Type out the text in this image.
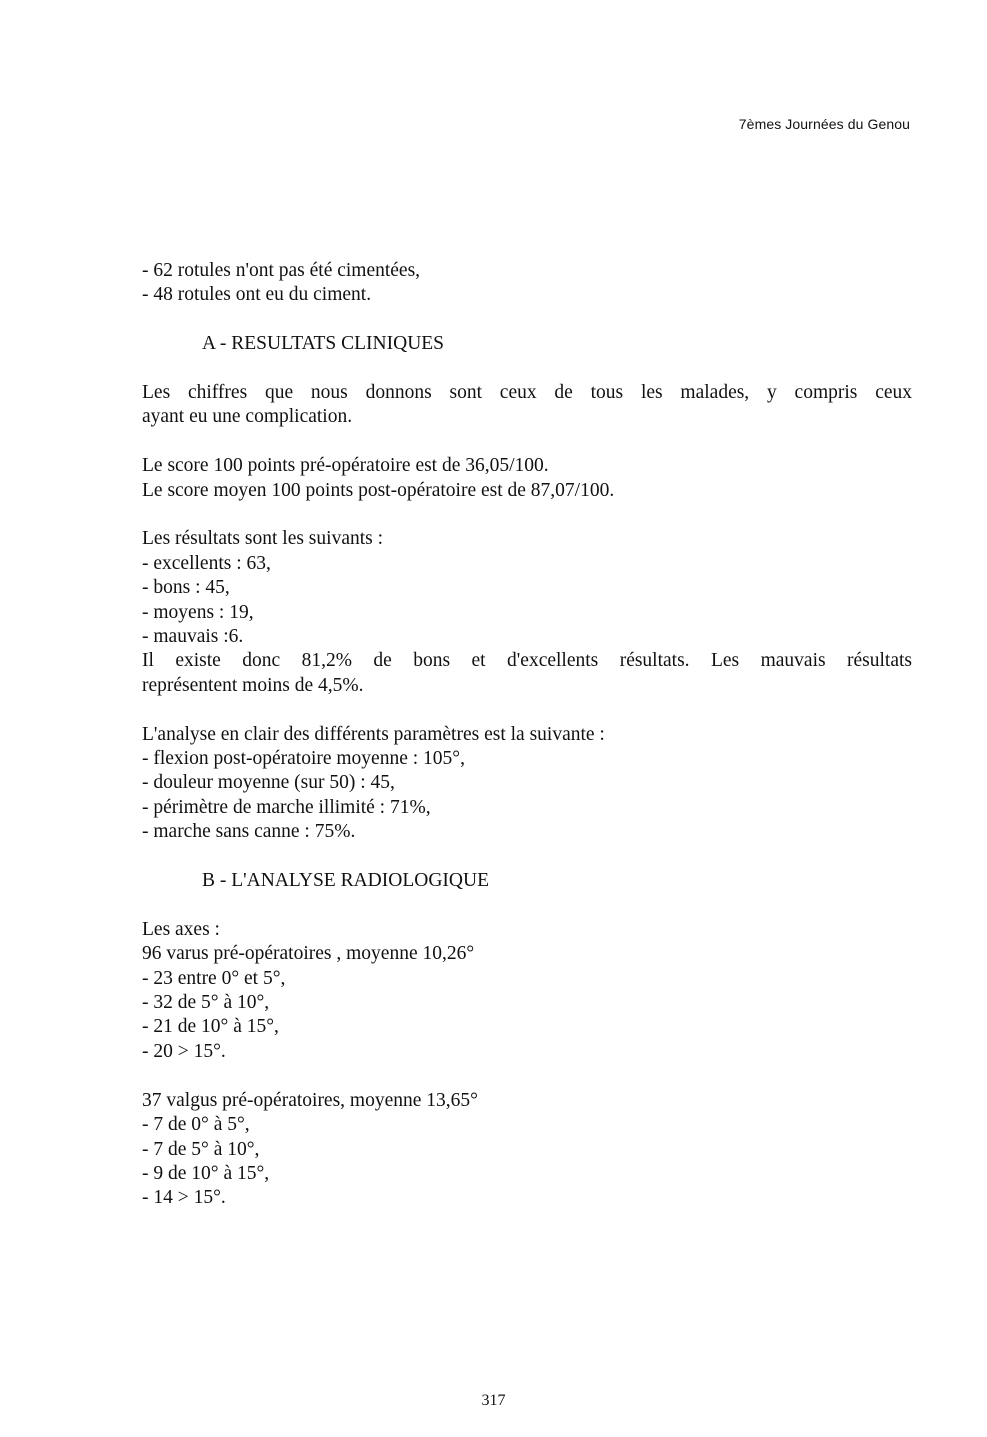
7èmes Journées du Genou
- 62 rotules n'ont pas été cimentées,
- 48 rotules ont eu du ciment.
A - RESULTATS CLINIQUES
Les chiffres que nous donnons sont ceux de tous les malades, y compris ceux
ayant eu une complication.
Le score 100 points pré-opératoire est de 36,05/100.
Le score moyen 100 points post-opératoire est de 87,07/100.
Les résultats sont les suivants :
- excellents : 63,
- bons : 45,
- moyens : 19,
- mauvais :6.
Il existe donc 81,2% de bons et d'excellents résultats. Les mauvais résultats
représentent moins de 4,5%.
L'analyse en clair des différents paramètres est la suivante :
- flexion post-opératoire moyenne : 105°,
- douleur moyenne (sur 50) : 45,
- périmètre de marche illimité : 71%,
- marche sans canne : 75%.
B - L'ANALYSE RADIOLOGIQUE
Les axes :
96 varus pré-opératoires , moyenne 10,26°
- 23 entre 0° et 5°,
- 32 de 5° à 10°,
- 21 de 10° à 15°,
- 20 > 15°.
37 valgus pré-opératoires, moyenne 13,65°
- 7 de 0° à 5°,
- 7 de 5° à 10°,
- 9 de 10° à 15°,
- 14 > 15°.
317
